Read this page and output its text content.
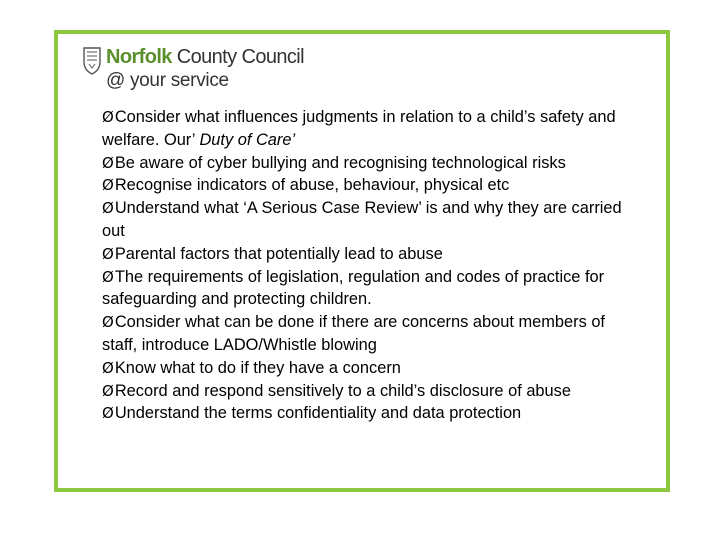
Norfolk County Council
@ your service
ØConsider what influences judgments in relation to a child’s safety and welfare. Our’ Duty of Care’
ØBe aware of cyber bullying and recognising technological risks
ØRecognise indicators of abuse, behaviour, physical etc
ØUnderstand what ‘A Serious Case Review’ is and why they are carried out
ØParental factors that potentially lead to abuse
ØThe requirements of legislation, regulation and codes of practice for safeguarding and protecting children.
ØConsider what can be done if there are concerns about members of staff, introduce LADO/Whistle blowing
ØKnow what to do if they have a concern
ØRecord and respond sensitively to a child’s disclosure of abuse
ØUnderstand the terms confidentiality and data protection
